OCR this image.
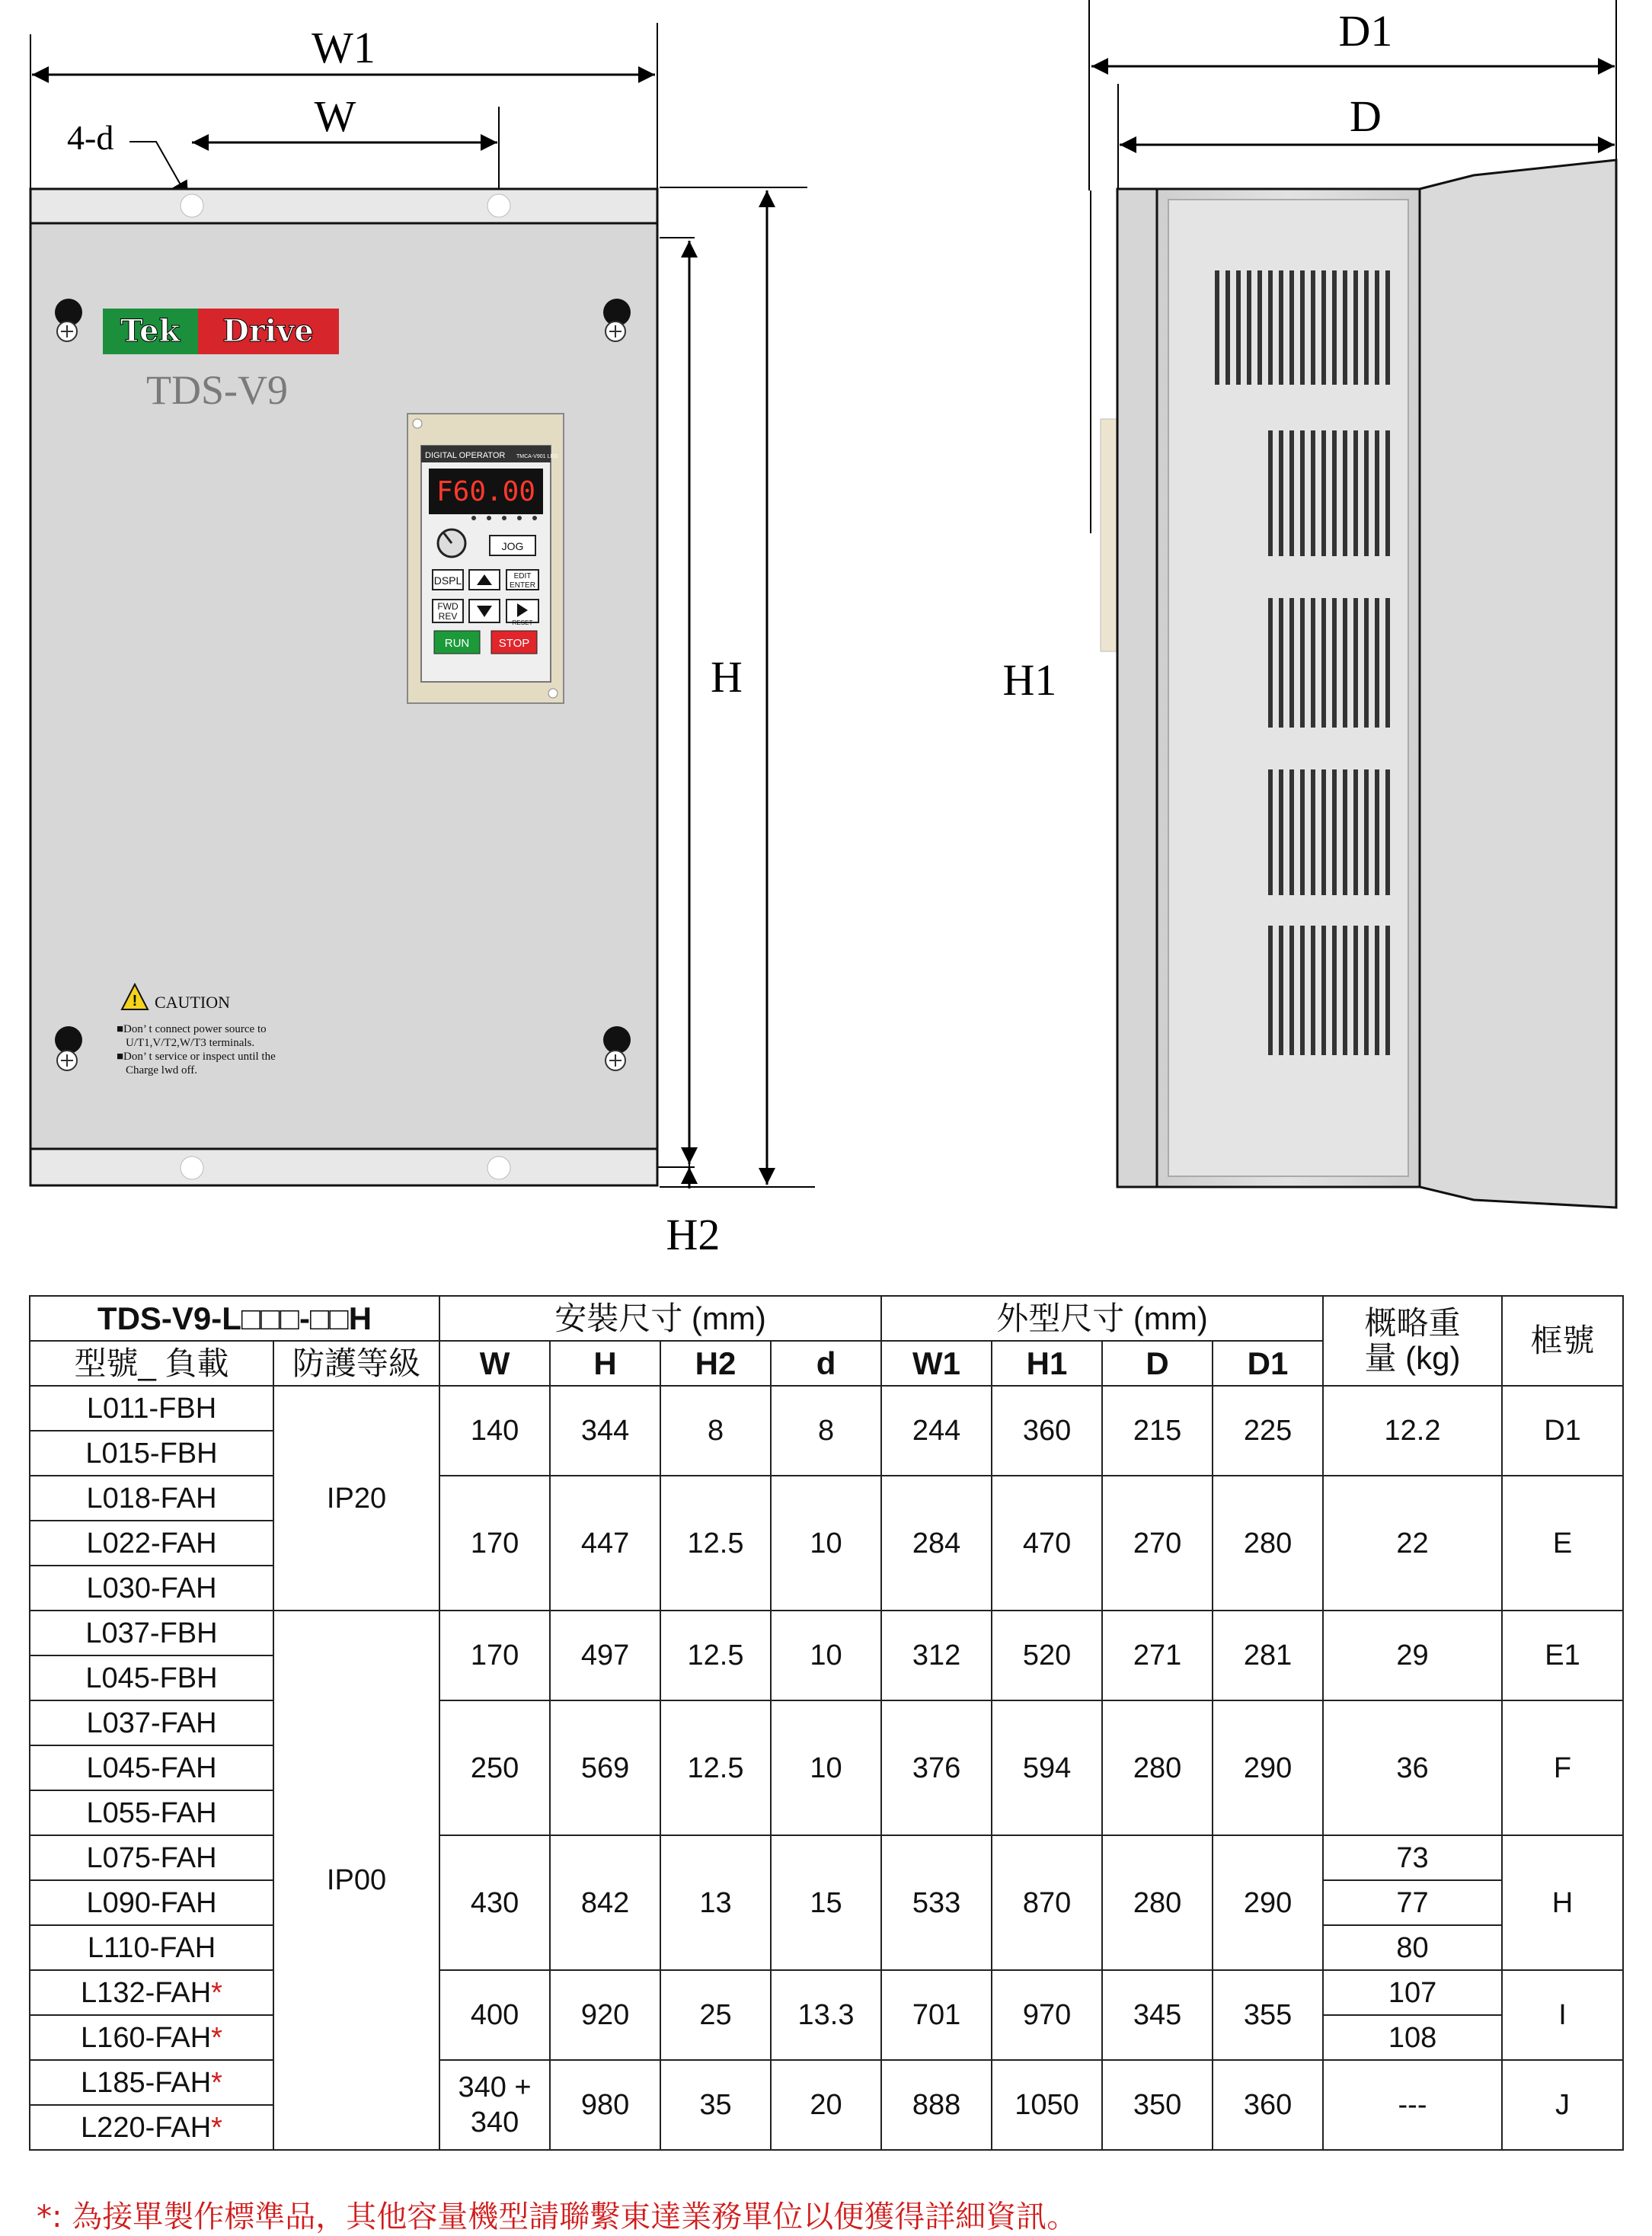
W1
W
4-d
H
H2
Tek Drive
TDS-V9
DIGITAL OPERATOR TMCA-V901 LED
F60.00
JOG
DSPL	EDIT
ENTER
FWD
REV
RESET
RUN	STOP
! CAUTION
■Don’ t connect power source to
U/T1,V/T2,W/T3 terminals.
■Don’ t service or inspect until the
Charge lwd off.
D1
D
H1
TDS-V9-L□□□-□□H		安裝尺寸 (mm)				外型尺寸 (mm)				概略重
量 (kg)	框號
型號_ 負載	防護等級	W	H	H2	d	W1	H1	D	D1		
L011-FBH	IP20	140	344	8	8	244	360	215	225	12.2	D1
L015-FBH											
L018-FAH		170	447	12.5	10	284	470	270	280	22	E
L022-FAH											
L030-FAH											
L037-FBH	IP00	170	497	12.5	10	312	520	271	281	29	E1
L045-FBH											
L037-FAH		250	569	12.5	10	376	594	280	290	36	F
L045-FAH											
L055-FAH											
L075-FAH		430	842	13	15	533	870	280	290	73	H
L090-FAH										77	
L110-FAH										80	
L132-FAH*		400	920	25	13.3	701	970	345	355	107	I
L160-FAH*										108	
L185-FAH*		340 +
340	980	35	20	888	1050	350	360	---	J
L220-FAH*											
*: 為接單製作標準品，其他容量機型請聯繫東達業務單位以便獲得詳細資訊。
